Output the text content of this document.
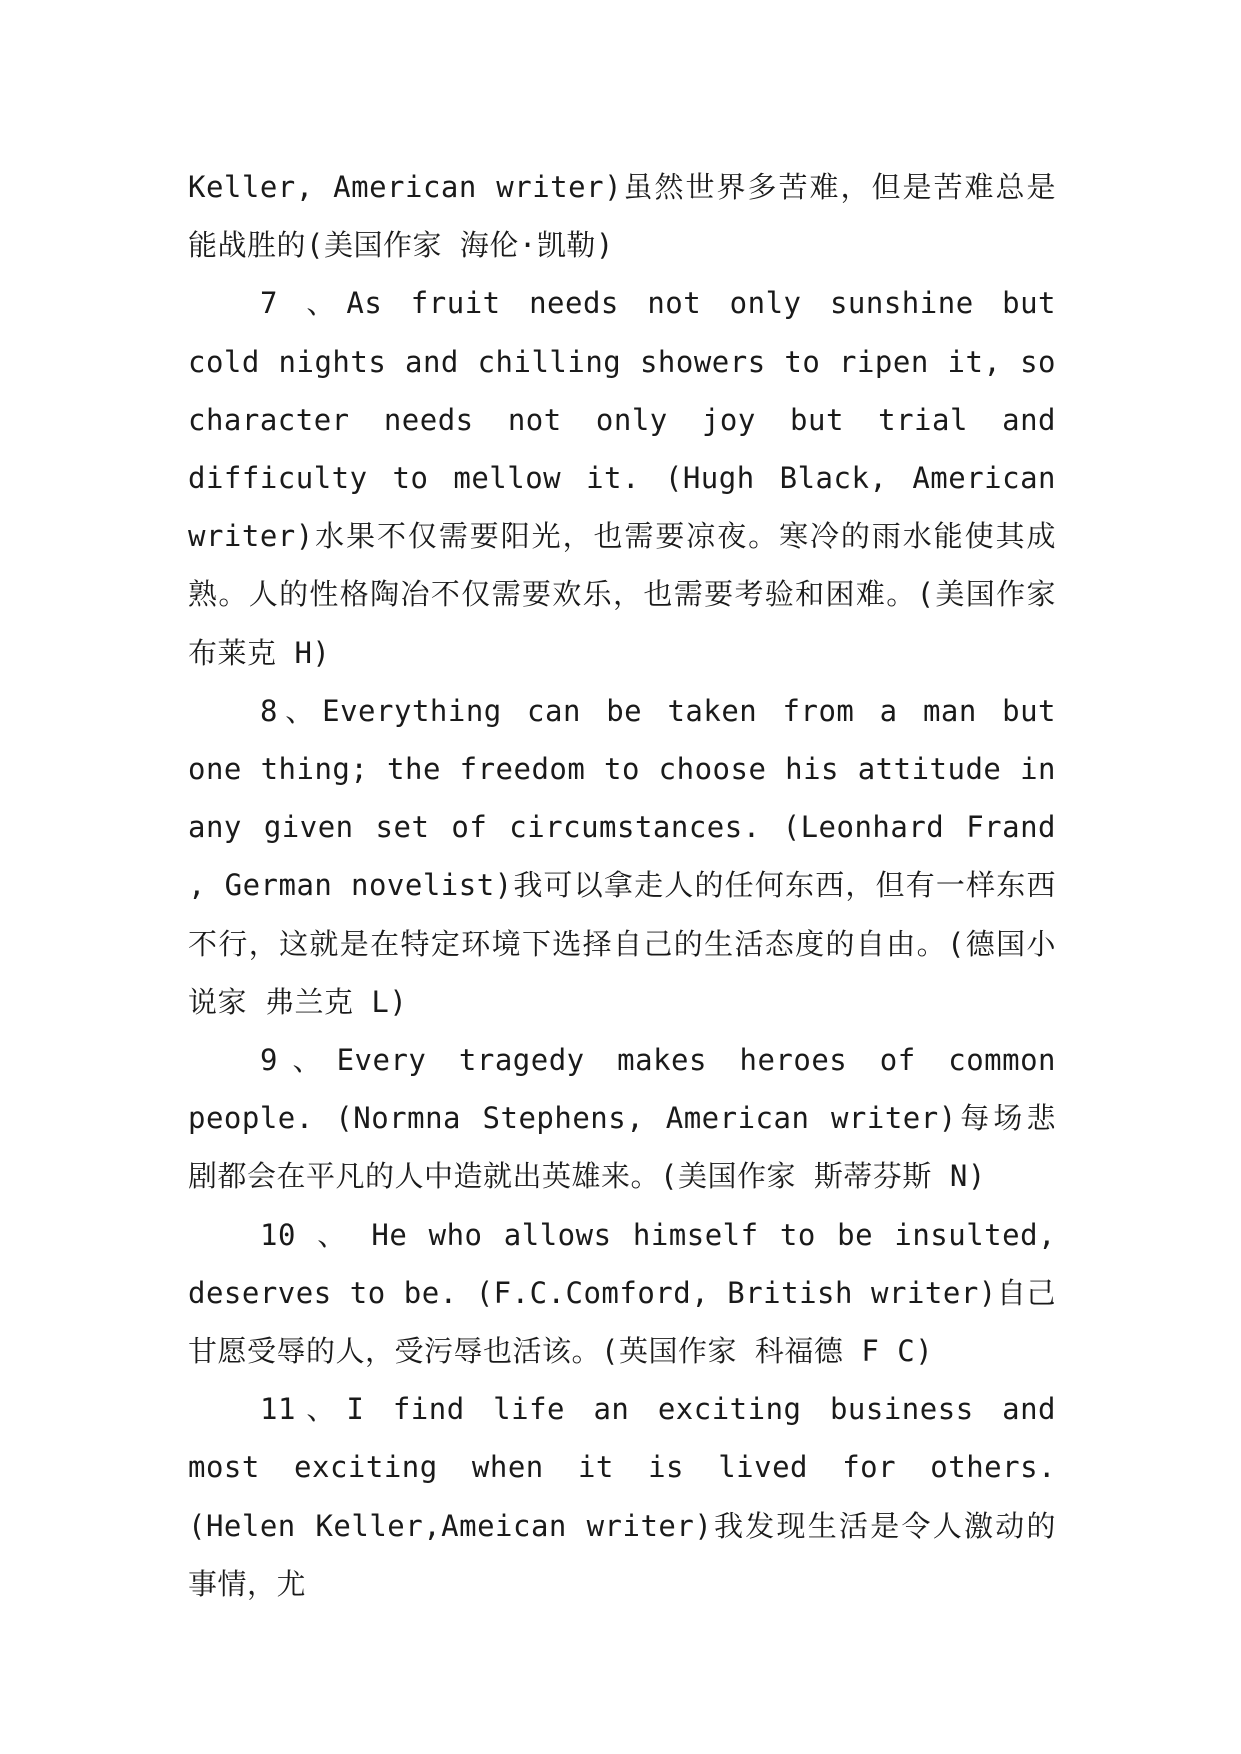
Keller, American writer)虽然世界多苦难，但是苦难总是能战胜的(美国作家 海伦·凯勒)

7 、As fruit needs not only sunshine but cold nights and chilling showers to ripen it, so character needs not only joy but trial and difficulty to mellow it. (Hugh Black, American writer)水果不仅需要阳光，也需要凉夜。寒冷的雨水能使其成熟。人的性格陶冶不仅需要欢乐，也需要考验和困难。(美国作家 布莱克 H)

8、Everything can be taken from a man but one thing; the freedom to choose his attitude in any given set of circumstances. (Leonhard Frand , German novelist)我可以拿走人的任何东西，但有一样东西不行，这就是在特定环境下选择自己的生活态度的自由。(德国小说家 弗兰克 L)

9、Every tragedy makes heroes of common people. (Normna Stephens, American writer)每场悲剧都会在平凡的人中造就出英雄来。(美国作家 斯蒂芬斯 N)

10 、 He who allows himself to be insulted, deserves to be. (F.C.Comford, British writer)自己甘愿受辱的人，受污辱也活该。(英国作家 科福德 F C)

11、I find life an exciting business and most exciting when it is lived for others. (Helen Keller,Ameican writer)我发现生活是令人激动的事情，尤
